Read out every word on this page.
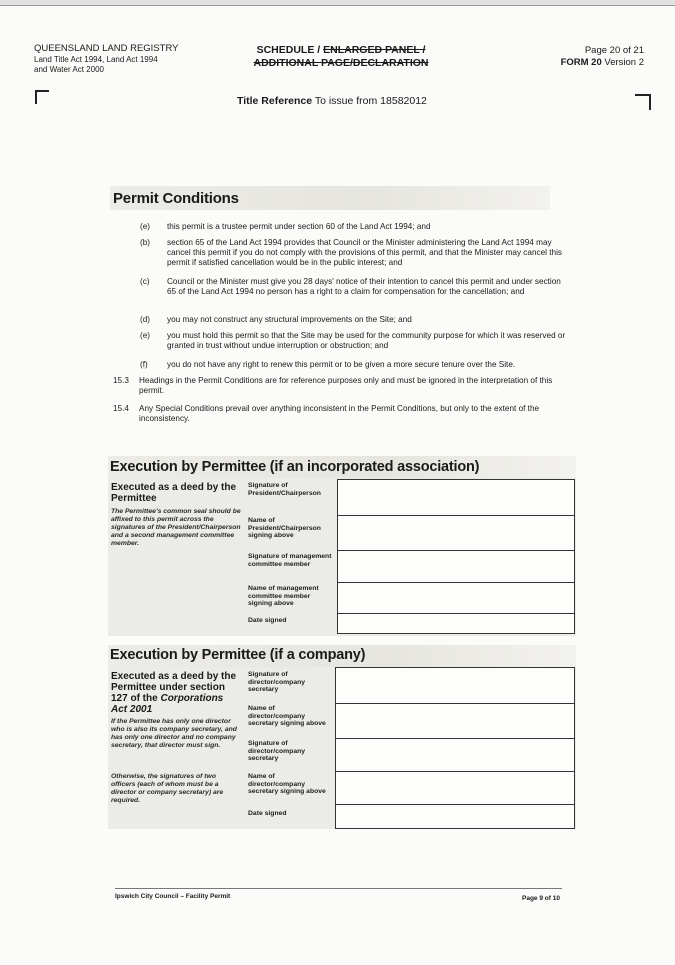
QUEENSLAND LAND REGISTRY
Land Title Act 1994, Land Act 1994
and Water Act 2000
SCHEDULE / ENLARGED PANEL /
ADDITIONAL PAGE/DECLARATION
Page 20 of 21
FORM 20 Version 2
Title Reference To issue from 18582012
Permit Conditions
(e) this permit is a trustee permit under section 60 of the Land Act 1994; and
(b) section 65 of the Land Act 1994 provides that Council or the Minister administering the Land Act 1994 may cancel this permit if you do not comply with the provisions of this permit, and that the Minister may cancel this permit if satisfied cancellation would be in the public interest; and
(c) Council or the Minister must give you 28 days' notice of their intention to cancel this permit and under section 65 of the Land Act 1994 no person has a right to a claim for compensation for the cancellation; and
(d) you may not construct any structural improvements on the Site; and
(e) you must hold this permit so that the Site may be used for the community purpose for which it was reserved or granted in trust without undue interruption or obstruction; and
(f) you do not have any right to renew this permit or to be given a more secure tenure over the Site.
15.3 Headings in the Permit Conditions are for reference purposes only and must be ignored in the interpretation of this permit.
15.4 Any Special Conditions prevail over anything inconsistent in the Permit Conditions, but only to the extent of the inconsistency.
Execution by Permittee (if an incorporated association)
Executed as a deed by the Permittee
The Permittee's common seal should be affixed to this permit across the signatures of the President/Chairperson and a second management committee member.
Signature of President/Chairperson
Name of President/Chairperson signing above
Signature of management committee member
Name of management committee member signing above
Date signed
Execution by Permittee (if a company)
Executed as a deed by the Permittee under section 127 of the Corporations Act 2001
If the Permittee has only one director who is also its company secretary, and has only one director and no company secretary, that director must sign.
Otherwise, the signatures of two officers (each of whom must be a director or company secretary) are required.
Signature of director/company secretary
Name of director/company secretary signing above
Signature of director/company secretary
Name of director/company secretary signing above
Date signed
Ipswich City Council – Facility Permit	Page 9 of 10
